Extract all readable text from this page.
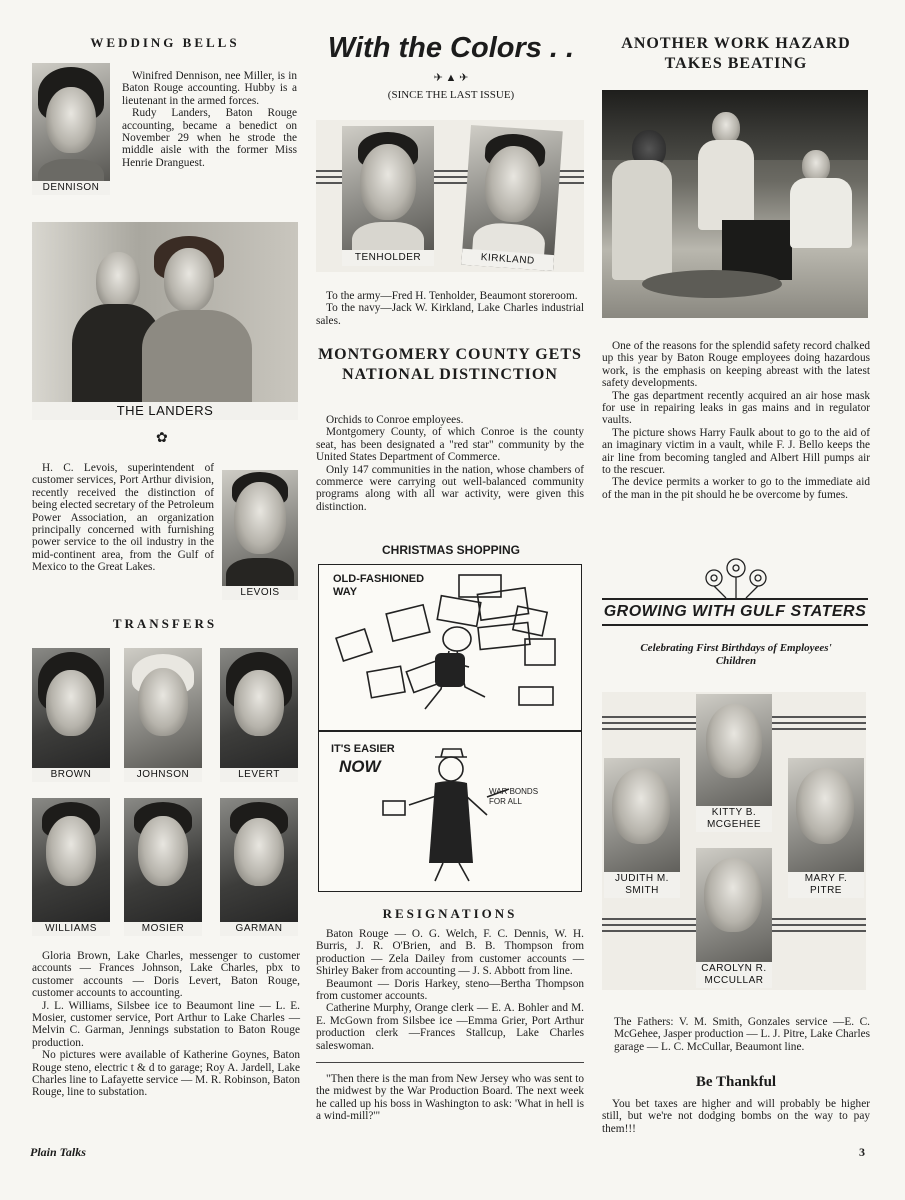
WEDDING BELLS
DENNISON

Winifred Dennison, nee Miller, is in Baton Rouge accounting. Hubby is a lieutenant in the armed forces.

Rudy Landers, Baton Rouge accounting, became a benedict on November 29 when he strode the middle aisle with the former Miss Henrie Dranguest.

THE LANDERS
✿
H. C. Levois, superintendent of customer services, Port Arthur division, recently received the distinction of being elected secretary of the Petroleum Power Association, an organization principally concerned with furnishing power service to the oil industry in the mid-continent area, from the Gulf of Mexico to the Great Lakes.
LEVOIS
TRANSFERS
BROWN	JOHNSON	LEVERT
WILLIAMS	MOSIER	GARMAN

Gloria Brown, Lake Charles, messenger to customer accounts — Frances Johnson, Lake Charles, pbx to customer accounts — Doris Levert, Baton Rouge, customer accounts to accounting.

J. L. Williams, Silsbee ice to Beaumont line — L. E. Mosier, customer service, Port Arthur to Lake Charles — Melvin C. Garman, Jennings substation to Baton Rouge production.

No pictures were available of Katherine Goynes, Baton Rouge steno, electric t & d to garage; Roy A. Jardell, Lake Charles line to Lafayette service — M. R. Robinson, Baton Rouge, line to substation.

With the Colors . .
✈ ▲ ✈
(SINCE THE LAST ISSUE)
TENHOLDER	KIRKLAND

To the army—Fred H. Tenholder, Beaumont storeroom.

To the navy—Jack W. Kirkland, Lake Charles industrial sales.

MONTGOMERY COUNTY GETS NATIONAL DISTINCTION

Orchids to Conroe employees.

Montgomery County, of which Conroe is the county seat, has been designated a "red star" community by the United States Department of Commerce.

Only 147 communities in the nation, whose chambers of commerce were carrying out well-balanced community programs along with all war activity, were given this distinction.

CHRISTMAS SHOPPING
OLD-FASHIONED WAY
IT'S EASIER
NOW
WAR BONDS FOR ALL
RESIGNATIONS

Baton Rouge — O. G. Welch, F. C. Dennis, W. H. Burris, J. R. O'Brien, and B. B. Thompson from production — Zela Dailey from customer accounts — Shirley Baker from accounting — J. S. Abbott from line.

Beaumont — Doris Harkey, steno—Bertha Thompson from customer accounts.

Catherine Murphy, Orange clerk — E. A. Bohler and M. E. McGown from Silsbee ice —Emma Grier, Port Arthur production clerk —Frances Stallcup, Lake Charles saleswoman.

"Then there is the man from New Jersey who was sent to the midwest by the War Production Board. The next week he called up his boss in Washington to ask: 'What in hell is a wind-mill?'"
ANOTHER WORK HAZARD TAKES BEATING

One of the reasons for the splendid safety record chalked up this year by Baton Rouge employees doing hazardous work, is the emphasis on keeping abreast with the latest safety developments.

The gas department recently acquired an air hose mask for use in repairing leaks in gas mains and in regulator vaults.

The picture shows Harry Faulk about to go to the aid of an imaginary victim in a vault, while F. J. Bello keeps the air line from becoming tangled and Albert Hill pumps air to the rescuer.

The device permits a worker to go to the immediate aid of the man in the pit should he be overcome by fumes.

GROWING WITH GULF STATERS
Celebrating First Birthdays of Employees' Children
KITTY B. MCGEHEE
JUDITH M. SMITH
MARY F. PITRE
CAROLYN R. MCCULLAR
The Fathers: V. M. Smith, Gonzales service —E. C. McGehee, Jasper production — L. J. Pitre, Lake Charles garage — L. C. McCullar, Beaumont line.
Be Thankful
You bet taxes are higher and will probably be higher still, but we're not dodging bombs on the way to pay them!!!
Plain Talks	3
